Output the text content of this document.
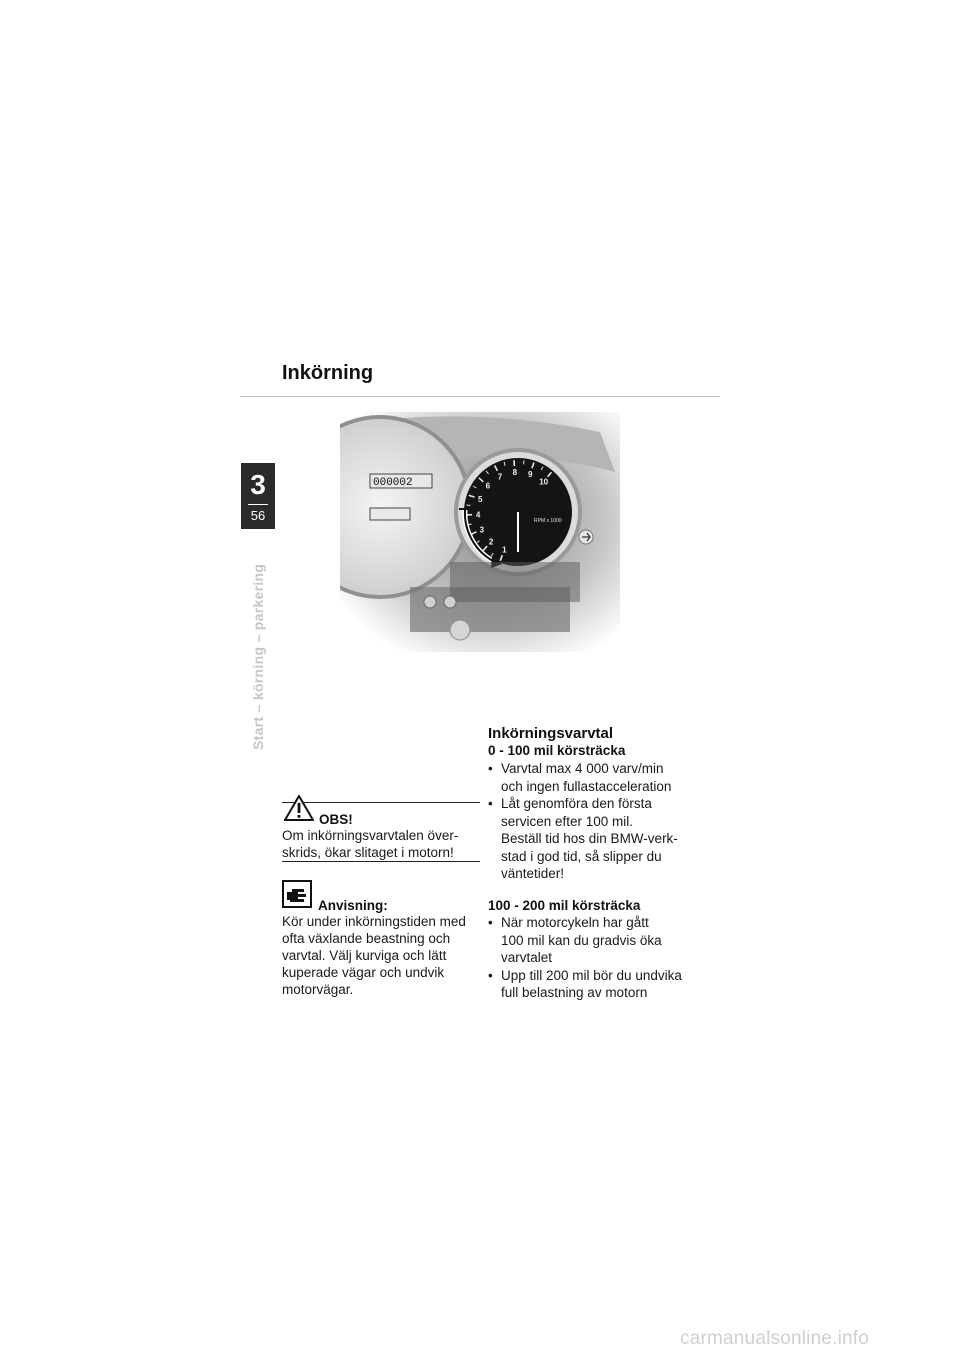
Inkörning
3
56
Start – körning – parkering
000002
1
2
3
4
5
6
7 8 9
10
RPM x 1000
OBS!
Om inkörningsvarvtalen över-
skrids, ökar slitaget i motorn!
Anvisning:
Kör under inkörningstiden med
ofta växlande beastning och
varvtal. Välj kurviga och lätt
kuperade vägar och undvik
motorvägar.
Inkörningsvarvtal
0 - 100 mil körsträcka
• Varvtal max 4 000 varv/min
och ingen fullastacceleration
• Låt genomföra den första
servicen efter 100 mil.
Beställ tid hos din BMW-verk-
stad i god tid, så slipper du
väntetider!
100 - 200 mil körsträcka
• När motorcykeln har gått
100 mil kan du gradvis öka
varvtalet
• Upp till 200 mil bör du undvika
full belastning av motorn
carmanualsonline.info
